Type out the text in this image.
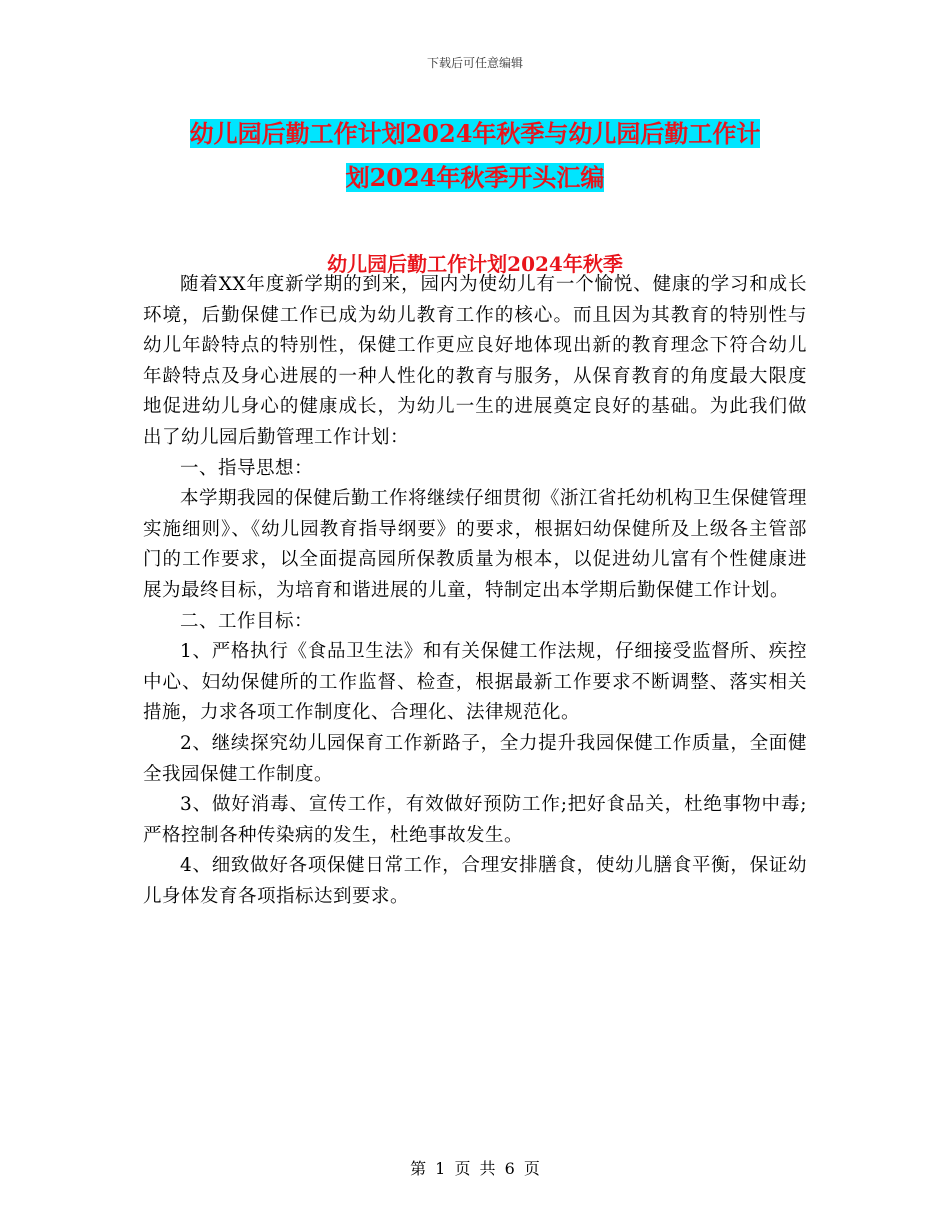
下载后可任意编辑
幼儿园后勤工作计划2024年秋季与幼儿园后勤工作计
划2024年秋季开头汇编
幼儿园后勤工作计划2024年秋季

随着XX年度新学期的到来，园内为使幼儿有一个愉悦、健康的学习和成长环境，后勤保健工作已成为幼儿教育工作的核心。而且因为其教育的特别性与幼儿年龄特点的特别性，保健工作更应良好地体现出新的教育理念下符合幼儿年龄特点及身心进展的一种人性化的教育与服务，从保育教育的角度最大限度地促进幼儿身心的健康成长，为幼儿一生的进展奠定良好的基础。为此我们做出了幼儿园后勤管理工作计划：

一、指导思想：

本学期我园的保健后勤工作将继续仔细贯彻《浙江省托幼机构卫生保健管理实施细则》、《幼儿园教育指导纲要》的要求，根据妇幼保健所及上级各主管部门的工作要求，以全面提高园所保教质量为根本，以促进幼儿富有个性健康进展为最终目标，为培育和谐进展的儿童，特制定出本学期后勤保健工作计划。

二、工作目标：

1、严格执行《食品卫生法》和有关保健工作法规，仔细接受监督所、疾控中心、妇幼保健所的工作监督、检查，根据最新工作要求不断调整、落实相关措施，力求各项工作制度化、合理化、法律规范化。

2、继续探究幼儿园保育工作新路子，全力提升我园保健工作质量，全面健全我园保健工作制度。

3、做好消毒、宣传工作，有效做好预防工作;把好食品关，杜绝事物中毒;严格控制各种传染病的发生，杜绝事故发生。

4、细致做好各项保健日常工作，合理安排膳食，使幼儿膳食平衡，保证幼儿身体发育各项指标达到要求。

第 1 页 共 6 页
